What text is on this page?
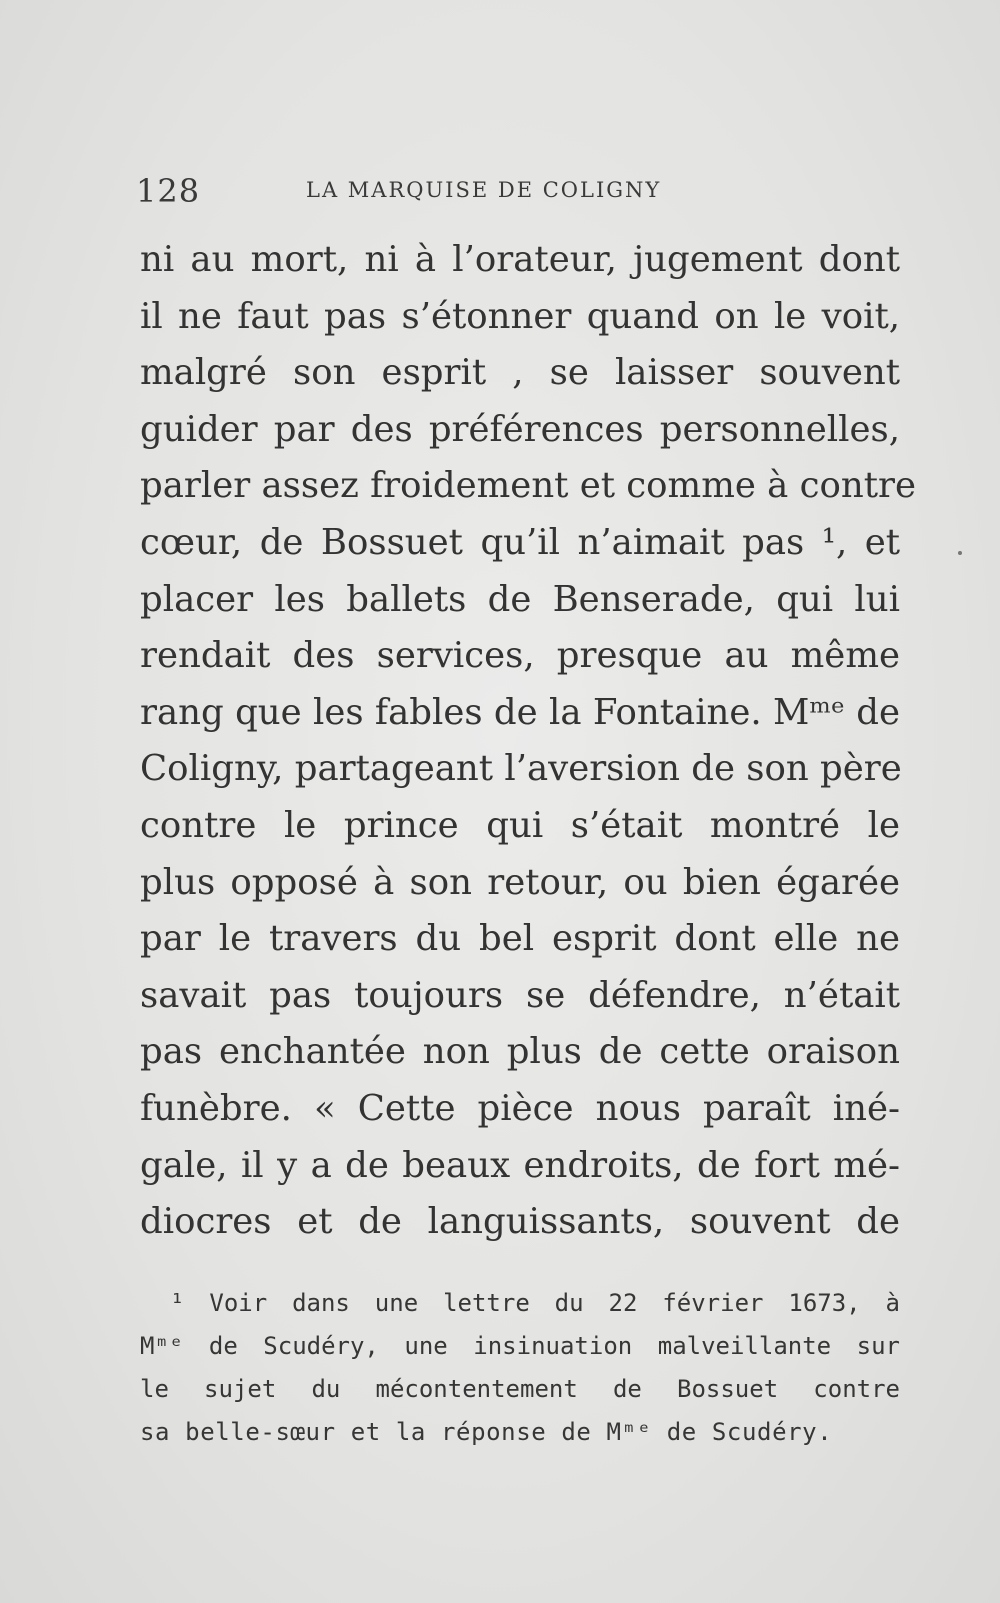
128	LA MARQUISE DE COLIGNY
ni au mort, ni à l’orateur, jugement dont
il ne faut pas s’étonner quand on le voit,
malgré son esprit , se laisser souvent
guider par des préférences personnelles,
parler assez froidement et comme à contre
cœur, de Bossuet qu’il n’aimait pas ¹, et
placer les ballets de Benserade, qui lui
rendait des services, presque au même
rang que les fables de la Fontaine. Mᵐᵉ de
Coligny, partageant l’aversion de son père
contre le prince qui s’était montré le
plus opposé à son retour, ou bien égarée
par le travers du bel esprit dont elle ne
savait pas toujours se défendre, n’était
pas enchantée non plus de cette oraison
funèbre. « Cette pièce nous paraît iné-
gale, il y a de beaux endroits, de fort mé-
diocres et de languissants, souvent de
¹ Voir dans une lettre du 22 février 1673, à
Mᵐᵉ de Scudéry, une insinuation malveillante sur
le sujet du mécontentement de Bossuet contre
sa belle-sœur et la réponse de Mᵐᵉ de Scudéry.
